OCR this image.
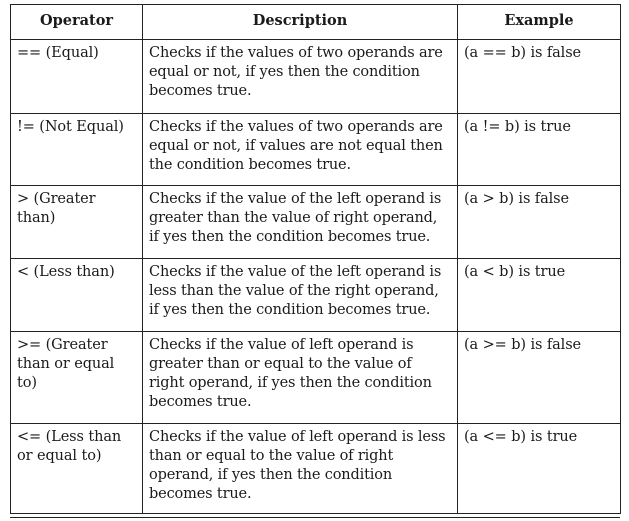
Operator	Description	Example
== (Equal)	Checks if the values of two operands are equal or not, if yes then the condition becomes true.	(a == b) is false
!= (Not Equal)	Checks if the values of two operands are equal or not, if values are not equal then the condition becomes true.	(a != b) is true
> (Greater than)	Checks if the value of the left operand is greater than the value of right operand, if yes then the condition becomes true.	(a > b) is false
< (Less than)	Checks if the value of the left operand is less than the value of the right operand, if yes then the condition becomes true.	(a < b) is true
>= (Greater than or equal to)	Checks if the value of left operand is greater than or equal to the value of right operand, if yes then the condition becomes true.	(a >= b) is false
<= (Less than or equal to)	Checks if the value of left operand is less than or equal to the value of right operand, if yes then the condition becomes true.	(a <= b) is true
